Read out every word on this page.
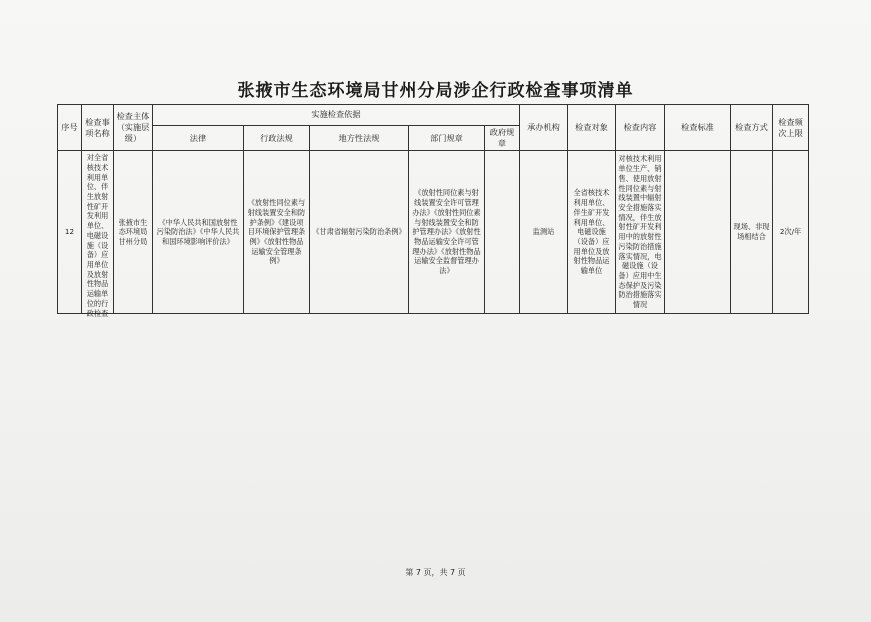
张掖市生态环境局甘州分局涉企行政检查事项清单
序号	检查事项名称	检查主体（实施层级）	实施检查依据					承办机构	检查对象	检查内容	检查标准	检查方式	检查频次上限
			法律	行政法规	地方性法规	部门规章	政府规章						
12	对全省核技术利用单位、伴生放射性矿开发利用单位、电磁设施（设备）应用单位及放射性物品运输单位的行政检查	张掖市生态环境局甘州分局	《中华人民共和国放射性污染防治法》《中华人民共和国环境影响评价法》	《放射性同位素与射线装置安全和防护条例》《建设项目环境保护管理条例》《放射性物品运输安全管理条例》	《甘肃省辐射污染防治条例》	《放射性同位素与射线装置安全许可管理办法》《放射性同位素与射线装置安全和防护管理办法》《放射性物品运输安全许可管理办法》《放射性物品运输安全监督管理办法》		监测站	全省核技术利用单位、伴生矿开发利用单位、电磁设施（设备）应用单位及放射性物品运输单位	对核技术利用单位生产、销售、使用放射性同位素与射线装置中辐射安全措施落实情况，伴生放射性矿开发利用中的放射性污染防治措施落实情况，电磁设施（设备）应用中生态保护及污染防治措施落实情况		现场、非现场相结合	2次/年
第 7 页，共 7 页
